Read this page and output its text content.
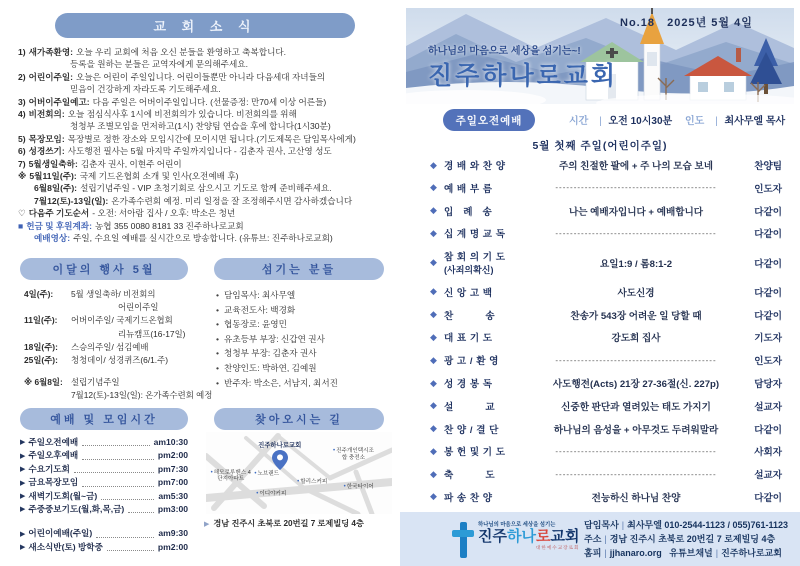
교 회 소 식
1) 새가족환영: 오늘 우리 교회에 처음 오신 분들을 환영하고 축복합니다.
등록을 원하는 분들은 교역자에게 문의해주세요.
2) 어린이주일: 오늘은 어린이 주일입니다. 어린이들뿐만 아니라 다음세대 자녀들의
믿음이 건강하게 자라도록 기도해주세요.
3) 어버이주일예고: 다음 주일은 어버이주일입니다. (선물증정: 만70세 이상 어른들)
4) 비전회의: 오늘 점심식사후 1시에 비전회의가 있습니다. 비전회의를 위해
청청부 조별모임을 먼저하고(1시) 찬양팀 연습을 후에 합니다(1시30분)
5) 목장모임: 목장별로 정한 장소와 모임시간에 모이시면 됩니다.(기도제목은 담임목사에게)
6) 성경쓰기: 사도행전 필사는 5월 마지막 주일까지입니다 - 김춘자 권사, 고산영 성도
7) 5월생일축하: 김춘자 권사, 이현주 어린이
※ 5월11일(주): 국제 기드온협회 소개 및 인사(오전예배 후)
6월8일(주): 설립기념주일 - VIP 초청기회로 삼으시고 기도로 함께 준비해주세요.
7월12(토)-13일(일): 온가족수련회 예정. 미리 일정을 잘 조정해주시면 감사하겠습니다
♡ 다음주 기도순서 - 오전: 서아람 집사 / 오후: 박소은 청년
■ 헌금 및 후원계좌: 농협 355 0080 8181 33 진주하나로교회
예배영상: 주일, 수요일 예배를 실시간으로 방송합니다. (유튜브: 진주하나로교회)
이달의 행사 5월	섬기는 분들
4일(주):	5월 생일축하/ 비전회의
어린이주일
11일(주):	어버이주일/ 국제기드온협회
리뉴캠프(16-17일)
18일(주):	스승의주일/ 섬김예배
25일(주):	청청데이/ 성경퀴즈(6/1.주)
※ 6월8일: 설립기념주일
7월12(토)-13일(일): 온가족수련회 예정
• 담임목사: 최사무엘
• 교육전도사: 백경화
• 협동장로: 윤영민
• 유초등부 부장: 신갑연 권사
• 청청부 부장: 김춘자 권사
• 찬양인도: 박하연, 김예원
• 반주자: 박소은, 서남지, 최서진
예배 및 모임시간	찾아오시는 길
▶ 주일오전예배	am10:30
▶ 주일오후예배	pm2:00
▶ 수요기도회	pm7:30
▶ 금요목장모임	pm7:00
▶ 새벽기도회(월~금)	am5:30
▶ 주중중보기도(월,화,목,금)	pm3:00
▶ 어린이예배(주일)	am9:30
▶ 새소식반(토) 방학중	pm2:00
진주하나로교회
• 노브랜드
• 해모로루벤스 4단지아파트	• 할리스커피
• 이디야커피
• 진주개인택시조합 충전소
• 한국타이어
▶ 경남 진주시 초북로 20번길 7 로제빌딩 4층
No.18 2025년 5월 4일
하나님의 마음으로 세상을 섬기는~!
진주하나로교회
주일오전예배	시간 | 오전 10시30분 인도 | 최사무엘 목사
5월 첫째 주일(어린이주일)
◆ 경 배 와 찬 양	주의 친절한 팔에 + 주 나의 모습 보네	찬양팀
◆ 예 배 부 름	--------------------------------------------	인도자
◆ 입   례   송	나는 예배자입니다 + 예배합니다	다같이
◆ 십 계 명 교 독	--------------------------------------------	다같이
◆ 참 회 의 기 도
(사죄의확신)
요일1:9 / 롬8:1-2	다같이
◆ 신 앙 고 백	사도신경	다같이
◆ 찬          송	찬송가 543장 어려운 일 당할 때	다같이
◆ 대 표 기 도	강도희 집사	기도자
◆ 광 고 / 환 영	--------------------------------------------	인도자
◆ 성 경 봉 독	사도행전(Acts) 21장 27-36절(신. 227p)	담당자
◆ 설          교	신중한 판단과 열려있는 태도 가지기	설교자
◆ 찬 양 / 결 단	하나님의 음성을 + 아무것도 두려워말라	다같이
◆ 봉 헌 및 기 도	--------------------------------------------	사회자
◆ 축          도	--------------------------------------------	설교자
◆ 파 송 찬 양	전능하신 하나님 찬양	다같이
하나님의 마음으로 세상을 섬기는
진주하나로교회
대한예수교장로회
담임목사 | 최사무엘 010-2544-1123 / 055)761-1123
주소 | 경남 진주시 초북로 20번길 7 로제빌딩 4층
홈피 | jjhanaro.org 유튜브채널 | 진주하나로교회
